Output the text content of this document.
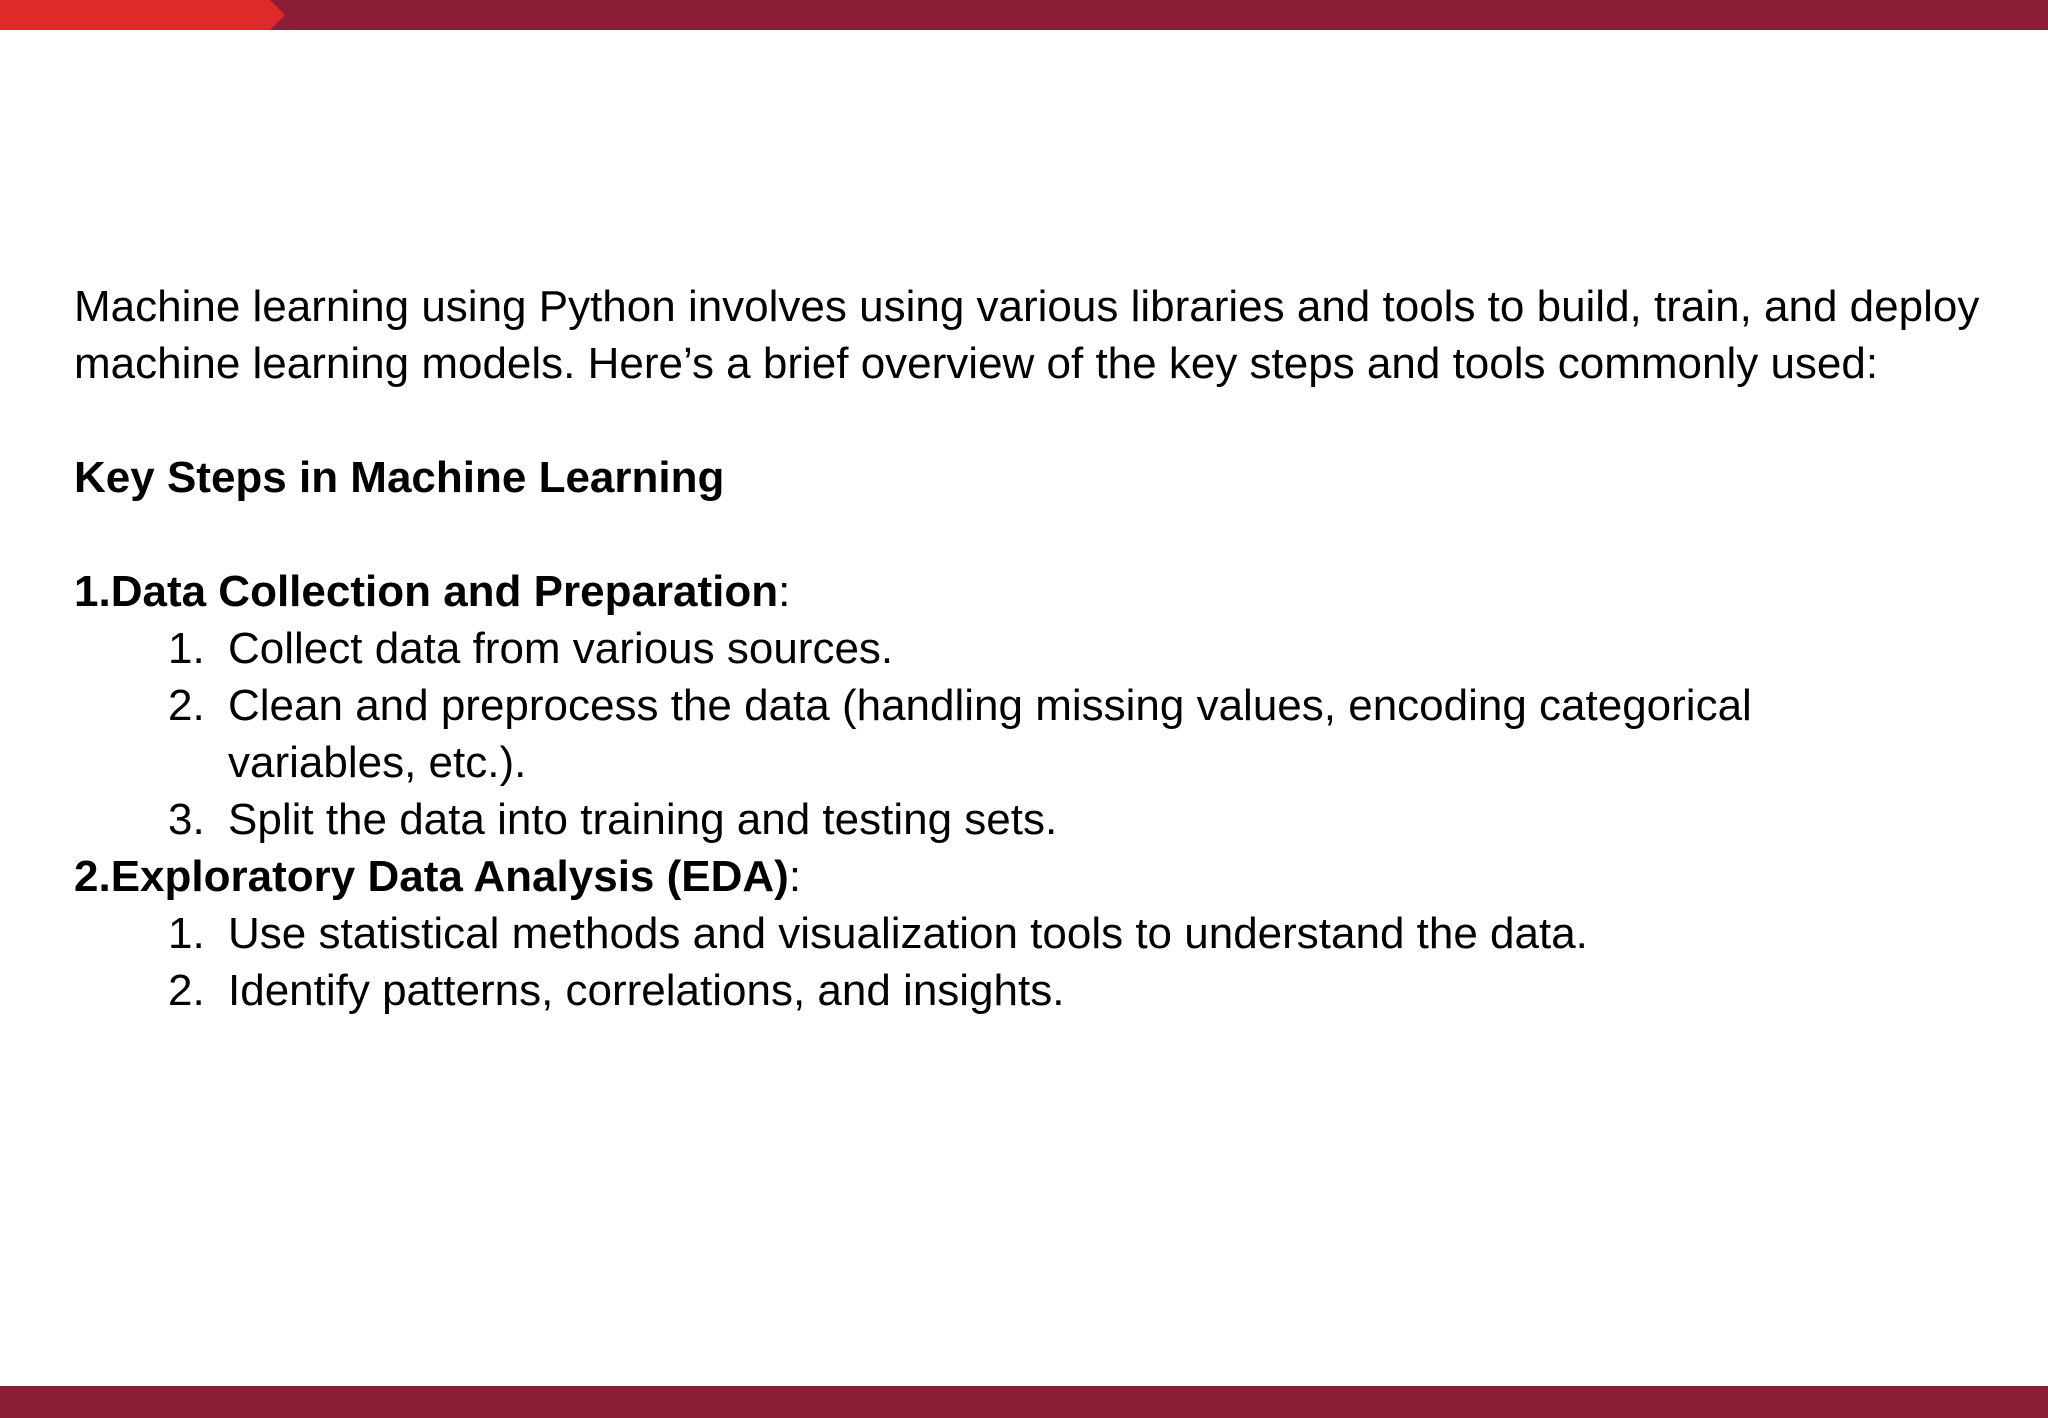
Machine learning using Python involves using various libraries and tools to build, train, and deploy machine learning models. Here’s a brief overview of the key steps and tools commonly used:

Key Steps in Machine Learning

1.Data Collection and Preparation:

1. Collect data from various sources.
2. Clean and preprocess the data (handling missing values, encoding categorical variables, etc.).
3. Split the data into training and testing sets.

2.Exploratory Data Analysis (EDA):

1. Use statistical methods and visualization tools to understand the data.
2. Identify patterns, correlations, and insights.
